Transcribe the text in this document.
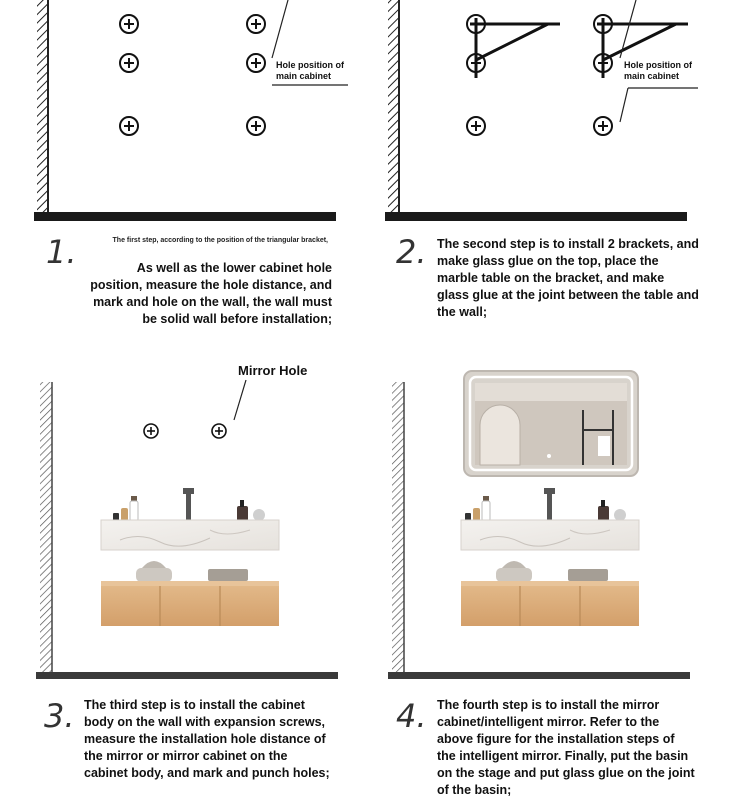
Hole position of main cabinet
Hole position of main cabinet
Mirror Hole
1.	The first step, according to the position of the triangular bracket,
As well as the lower cabinet hole position, measure the hole distance, and mark and hole on the wall, the wall must be solid wall before installation;
2. The second step is to install 2 brackets, and make glass glue on the top, place the marble table on the bracket, and make glass glue at the joint between the table and the wall;
3. The third step is to install the cabinet body on the wall with expansion screws, measure the installation hole distance of the mirror or mirror cabinet on the cabinet body, and mark and punch holes;
4. The fourth step is to install the mirror cabinet/intelligent mirror. Refer to the above figure for the installation steps of the intelligent mirror. Finally, put the basin on the stage and put glass glue on the joint of the basin;
